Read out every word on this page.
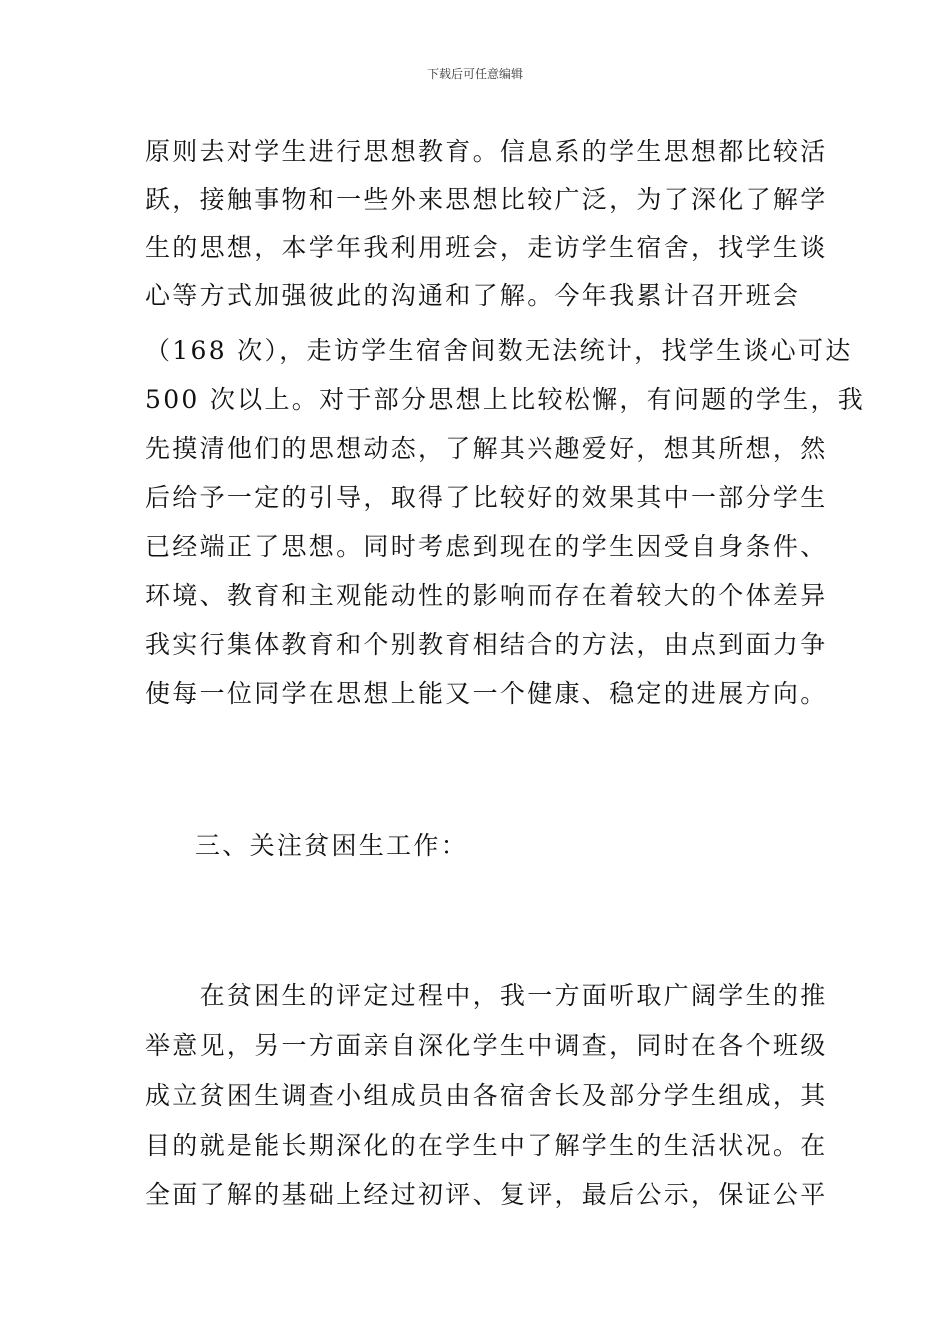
下载后可任意编辑
原则去对学生进行思想教育。信息系的学生思想都比较活
跃，接触事物和一些外来思想比较广泛，为了深化了解学
生的思想，本学年我利用班会，走访学生宿舍，找学生谈
心等方式加强彼此的沟通和了解。今年我累计召开班会
（168 次），走访学生宿舍间数无法统计，找学生谈心可达
500 次以上。对于部分思想上比较松懈，有问题的学生，我
先摸清他们的思想动态，了解其兴趣爱好，想其所想，然
后给予一定的引导，取得了比较好的效果其中一部分学生
已经端正了思想。同时考虑到现在的学生因受自身条件、
环境、教育和主观能动性的影响而存在着较大的个体差异
我实行集体教育和个别教育相结合的方法，由点到面力争
使每一位同学在思想上能又一个健康、稳定的进展方向。
三、关注贫困生工作：
　　在贫困生的评定过程中，我一方面听取广阔学生的推
举意见，另一方面亲自深化学生中调查，同时在各个班级
成立贫困生调查小组成员由各宿舍长及部分学生组成，其
目的就是能长期深化的在学生中了解学生的生活状况。在
全面了解的基础上经过初评、复评，最后公示，保证公平
